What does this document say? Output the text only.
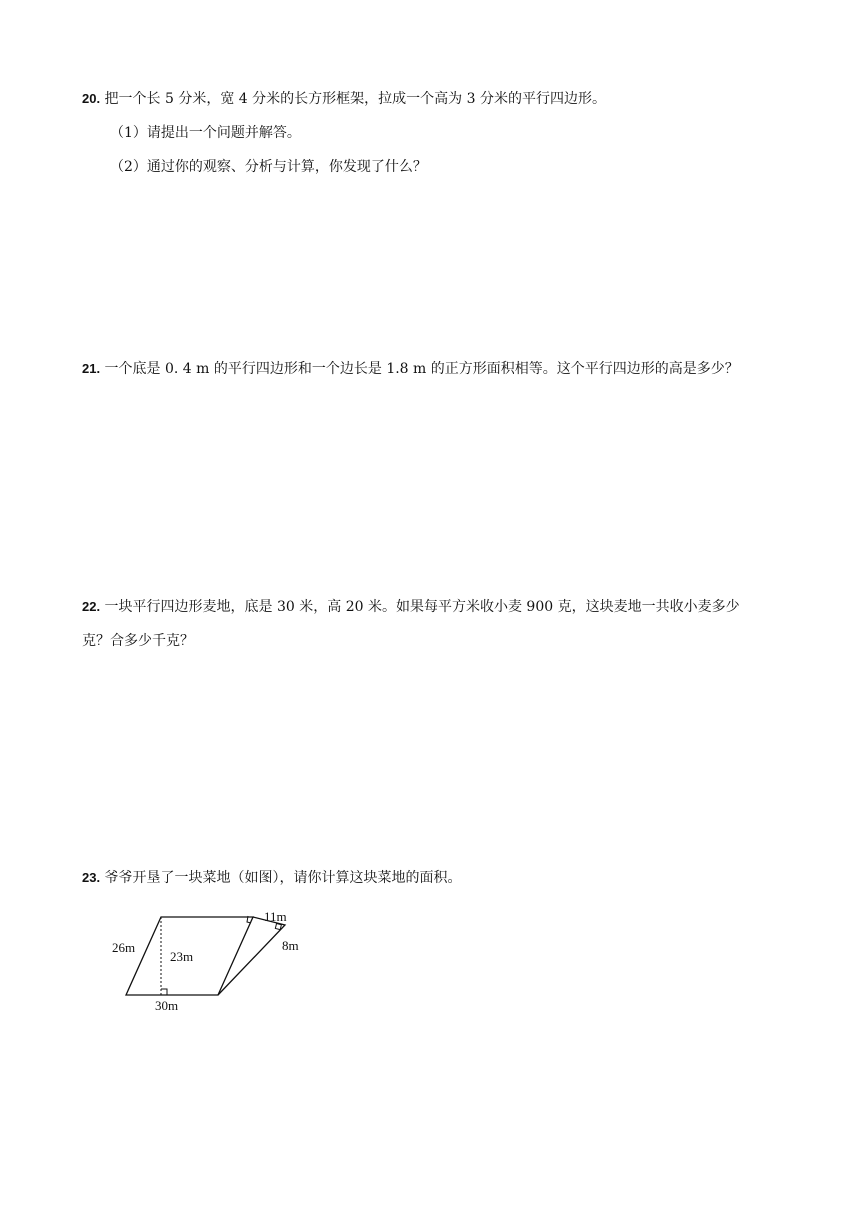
20. 把一个长 5 分米，宽 4 分米的长方形框架，拉成一个高为 3 分米的平行四边形。
（1）请提出一个问题并解答。
（2）通过你的观察、分析与计算，你发现了什么？
21. 一个底是 0. 4 m 的平行四边形和一个边长是 1.8 m 的正方形面积相等。这个平行四边形的高是多少？
22. 一块平行四边形麦地，底是 30 米，高 20 米。如果每平方米收小麦 900 克，这块麦地一共收小麦多少
克？合多少千克？
23. 爷爷开垦了一块菜地（如图），请你计算这块菜地的面积。
26m
23m
30m
11m
8m
